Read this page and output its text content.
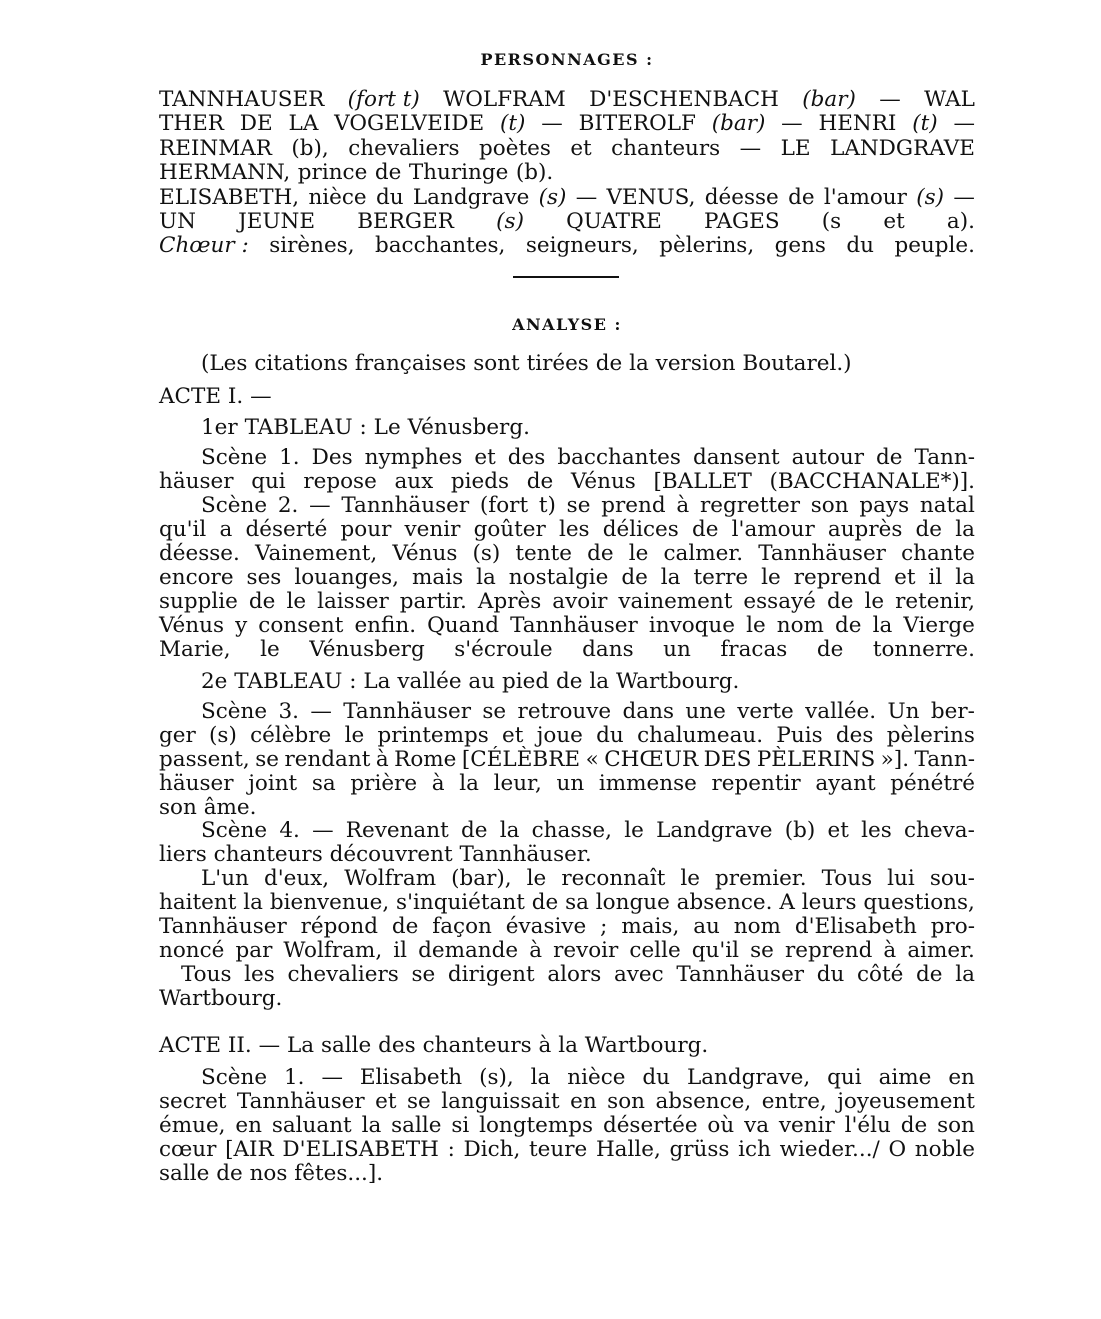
PERSONNAGES :
TANNHAUSER (fort t) WOLFRAM D'ESCHENBACH (bar) — WAL
THER DE LA VOGELVEIDE (t) — BITEROLF (bar) — HENRI (t) —
REINMAR (b), chevaliers poètes et chanteurs — LE LANDGRAVE
HERMANN, prince de Thuringe (b).
ELISABETH, nièce du Landgrave (s) — VENUS, déesse de l'amour (s) —
UN JEUNE BERGER (s) QUATRE PAGES (s et a).
Chœur : sirènes, bacchantes, seigneurs, pèlerins, gens du peuple.
ANALYSE :
(Les citations françaises sont tirées de la version Boutarel.)
ACTE I. —
1er TABLEAU : Le Vénusberg.
Scène 1. Des nymphes et des bacchantes dansent autour de Tann-
häuser qui repose aux pieds de Vénus [BALLET (BACCHANALE*)].
Scène 2. — Tannhäuser (fort t) se prend à regretter son pays natal
qu'il a déserté pour venir goûter les délices de l'amour auprès de la
déesse. Vainement, Vénus (s) tente de le calmer. Tannhäuser chante
encore ses louanges, mais la nostalgie de la terre le reprend et il la
supplie de le laisser partir. Après avoir vainement essayé de le retenir,
Vénus y consent enfin. Quand Tannhäuser invoque le nom de la Vierge
Marie, le Vénusberg s'écroule dans un fracas de tonnerre.
2e TABLEAU : La vallée au pied de la Wartbourg.
Scène 3. — Tannhäuser se retrouve dans une verte vallée. Un ber-
ger (s) célèbre le printemps et joue du chalumeau. Puis des pèlerins
passent, se rendant à Rome [CÉLÈBRE « CHŒUR DES PÈLERINS »]. Tann-
häuser joint sa prière à la leur, un immense repentir ayant pénétré
son âme.
Scène 4. — Revenant de la chasse, le Landgrave (b) et les cheva-
liers chanteurs découvrent Tannhäuser.
L'un d'eux, Wolfram (bar), le reconnaît le premier. Tous lui sou-
haitent la bienvenue, s'inquiétant de sa longue absence. A leurs questions,
Tannhäuser répond de façon évasive ; mais, au nom d'Elisabeth pro-
noncé par Wolfram, il demande à revoir celle qu'il se reprend à aimer.
Tous les chevaliers se dirigent alors avec Tannhäuser du côté de la
Wartbourg.
ACTE II. — La salle des chanteurs à la Wartbourg.
Scène 1. — Elisabeth (s), la nièce du Landgrave, qui aime en
secret Tannhäuser et se languissait en son absence, entre, joyeusement
émue, en saluant la salle si longtemps désertée où va venir l'élu de son
cœur [AIR D'ELISABETH : Dich, teure Halle, grüss ich wieder.../ O noble
salle de nos fêtes...].
